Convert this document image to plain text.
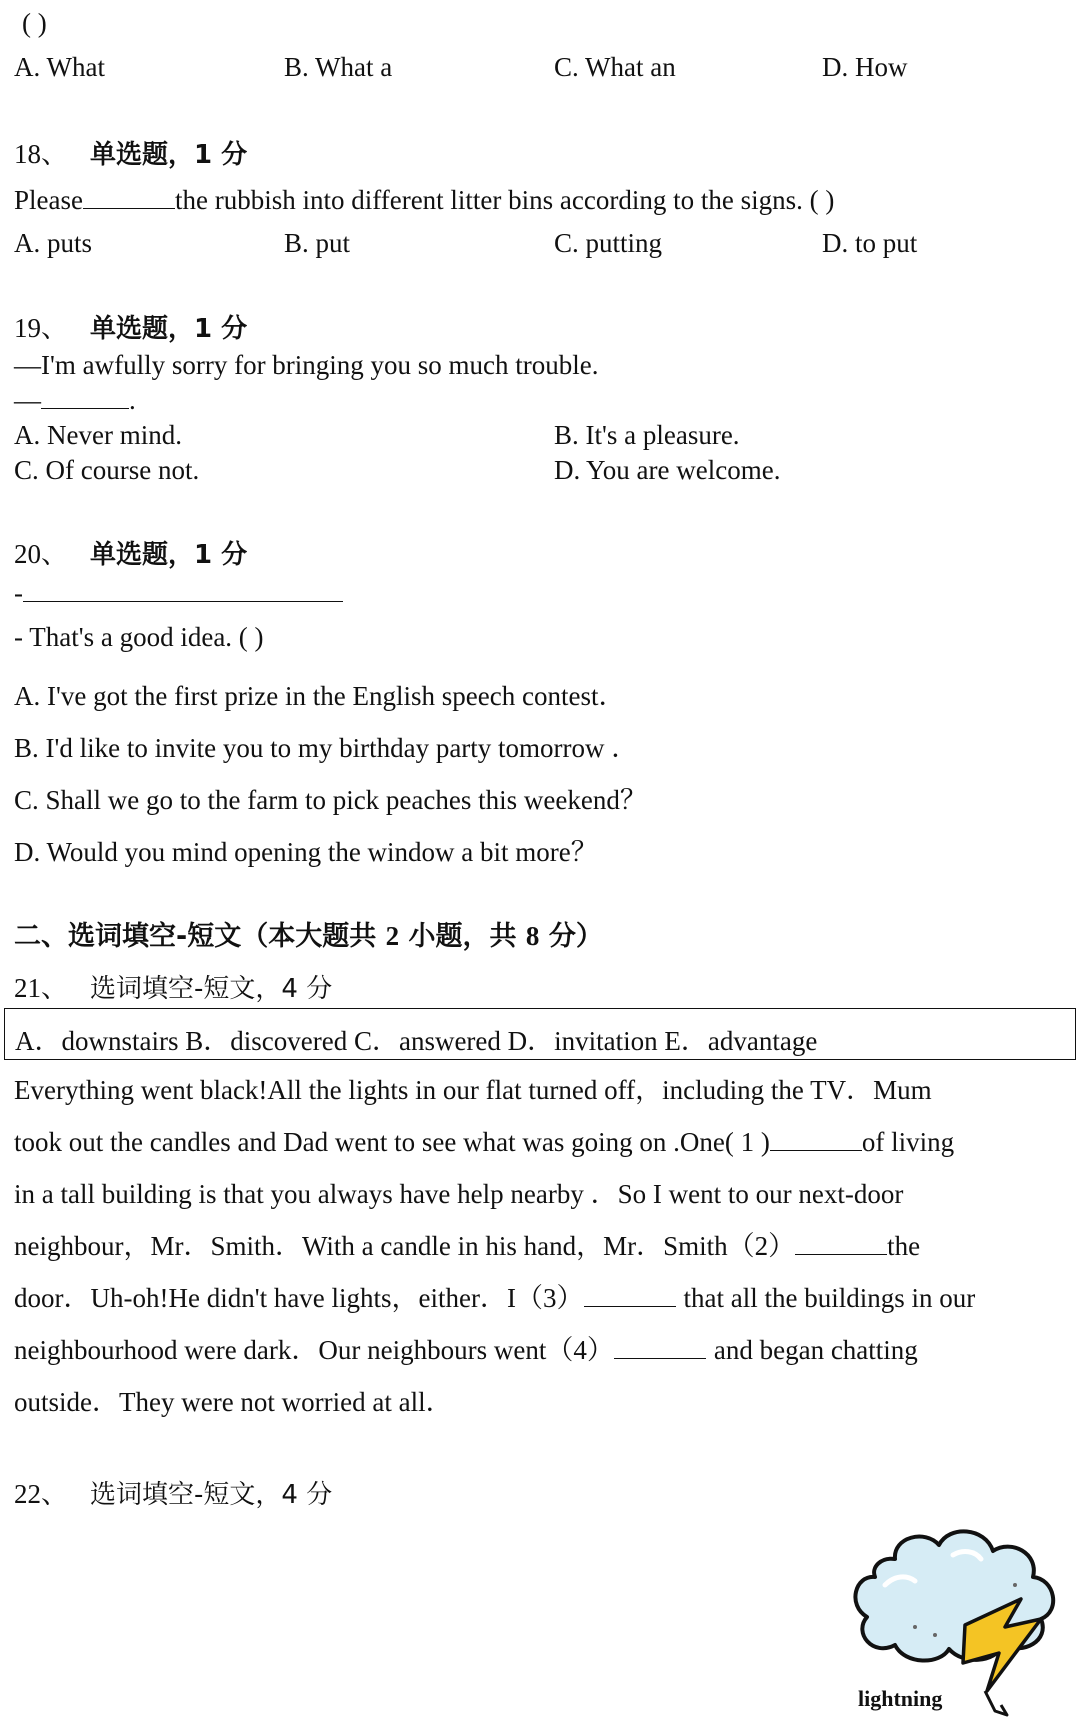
( )
A. What	B. What a	C. What an	D. How
18、 单选题，1 分
Please	the rubbish into different litter bins according to the signs. ( )
A. puts	B. put	C. putting	D. to put
19、 单选题，1 分
—I'm awfully sorry for bringing you so much trouble.
—	.
A. Never mind.	B. It's a pleasure.
C. Of course not.	D. You are welcome.
20、 单选题，1 分
-
- That's a good idea. ( )
A. I've got the first prize in the English speech contest．
B. I'd like to invite you to my birthday party tomorrow ．
C. Shall we go to the farm to pick peaches this weekend？
D. Would you mind opening the window a bit more？
二、选词填空-短文（本大题共 2 小题，共 8 分）
21、 选词填空-短文，4 分
A．downstairs B．discovered C．answered D．invitation E．advantage
Everything went black!All the lights in our flat turned off，including the TV．Mum
took out the candles and Dad went to see what was going on .One( 1 )	of living
in a tall building is that you always have help nearby ．So I went to our next-door
neighbour，Mr．Smith．With a candle in his hand，Mr．Smith（2）	the
door．Uh-oh!He didn't have lights，either．I（3）	that all the buildings in our
neighbourhood were dark．Our neighbours went（4）	and began chatting
outside．They were not worried at all．
22、 选词填空-短文，4 分
lightning
